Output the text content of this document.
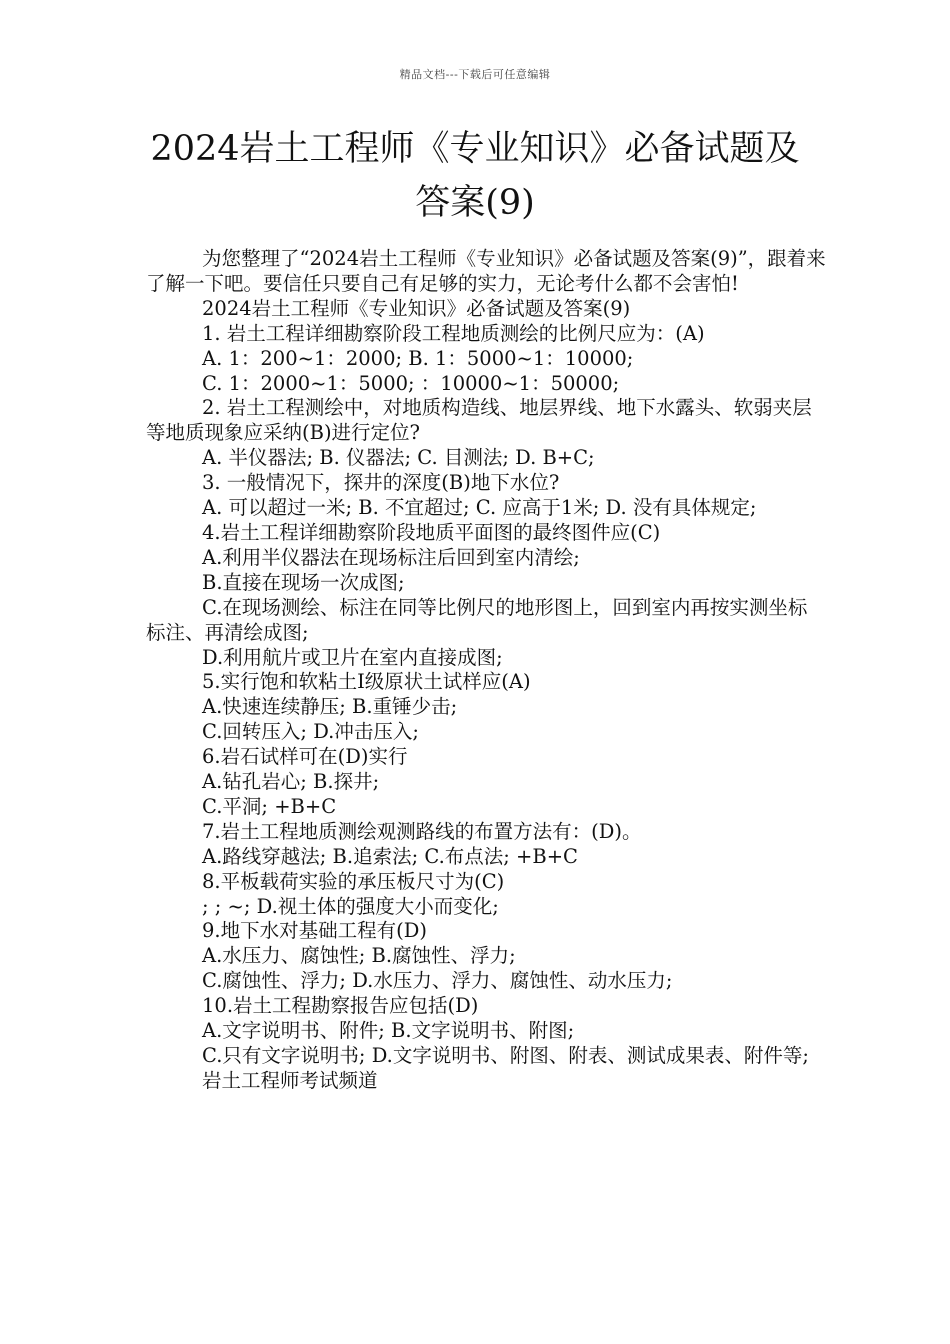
精品文档---下载后可任意编辑
2024岩土工程师《专业知识》必备试题及
答案(9)

为您整理了“2024岩土工程师《专业知识》必备试题及答案(9)”，跟着来了解一下吧。要信任只要自己有足够的实力，无论考什么都不会害怕!

2024岩土工程师《专业知识》必备试题及答案(9)

1. 岩土工程详细勘察阶段工程地质测绘的比例尺应为：(A)

A. 1：200~1：2000; B. 1：5000~1：10000;

C. 1：2000~1：5000; ：10000~1：50000;

2. 岩土工程测绘中，对地质构造线、地层界线、地下水露头、软弱夹层等地质现象应采纳(B)进行定位?

A. 半仪器法; B. 仪器法; C. 目测法; D. B+C;

3. 一般情况下，探井的深度(B)地下水位?

A. 可以超过一米; B. 不宜超过; C. 应高于1米; D. 没有具体规定;

4.岩土工程详细勘察阶段地质平面图的最终图件应(C)

A.利用半仪器法在现场标注后回到室内清绘;

B.直接在现场一次成图;

C.在现场测绘、标注在同等比例尺的地形图上，回到室内再按实测坐标标注、再清绘成图;

D.利用航片或卫片在室内直接成图;

5.实行饱和软粘土Ⅰ级原状土试样应(A)

A.快速连续静压; B.重锤少击;

C.回转压入; D.冲击压入;

6.岩石试样可在(D)实行

A.钻孔岩心; B.探井;

C.平洞; +B+C

7.岩土工程地质测绘观测路线的布置方法有：(D)。

A.路线穿越法; B.追索法; C.布点法; +B+C

8.平板载荷实验的承压板尺寸为(C)

; ; ~; D.视土体的强度大小而变化;

9.地下水对基础工程有(D)

A.水压力、腐蚀性; B.腐蚀性、浮力;

C.腐蚀性、浮力; D.水压力、浮力、腐蚀性、动水压力;

10.岩土工程勘察报告应包括(D)

A.文字说明书、附件; B.文字说明书、附图;

C.只有文字说明书; D.文字说明书、附图、附表、测试成果表、附件等;

岩土工程师考试频道
